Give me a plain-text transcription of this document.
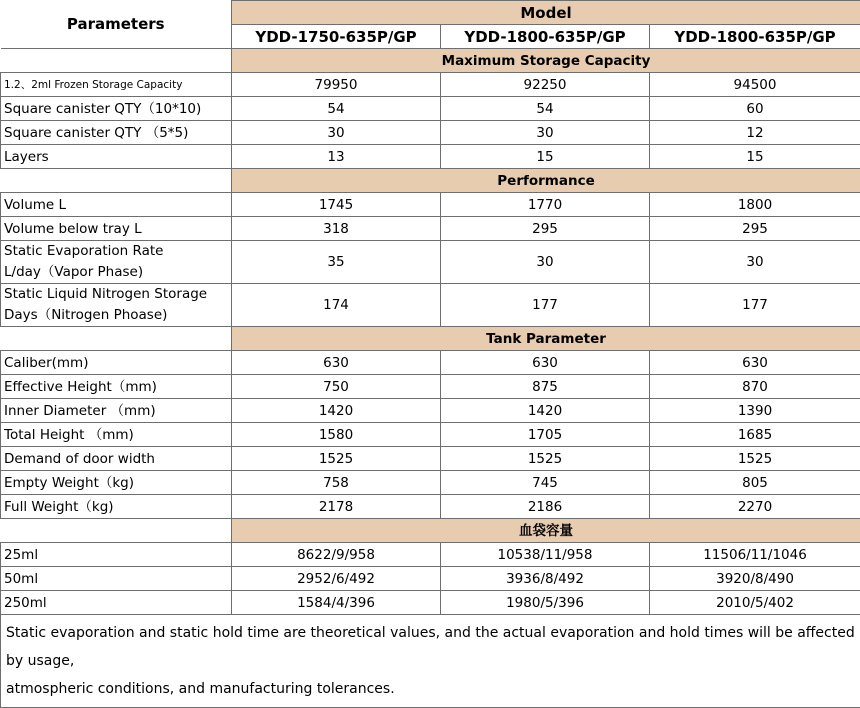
Parameters	Model		
	YDD-1750-635P/GP	YDD-1800-635P/GP	YDD-1800-635P/GP
	Maximum Storage Capacity		
1.2、2ml Frozen Storage Capacity	79950	92250	94500
Square canister QTY（10*10)	54	54	60
Square canister QTY （5*5)	30	30	12
Layers	13	15	15
	Performance		
Volume L	1745	1770	1800
Volume below tray L	318	295	295
Static Evaporation Rate
L/day（Vapor Phase)	35	30	30
Static Liquid Nitrogen Storage
Days（Nitrogen Phoase)	174	177	177
	Tank Parameter		
Caliber(mm)	630	630	630
Effective Height（mm)	750	875	870
Inner Diameter （mm)	1420	1420	1390
Total Height （mm)	1580	1705	1685
Demand of door width	1525	1525	1525
Empty Weight（kg)	758	745	805
Full Weight（kg)	2178	2186	2270
	血袋容量		
25ml	8622/9/958	10538/11/958	11506/11/1046
50ml	2952/6/492	3936/8/492	3920/8/490
250ml	1584/4/396	1980/5/396	2010/5/402
Static evaporation and static hold time are theoretical values, and the actual evaporation and hold times will be affected by usage,
atmospheric conditions, and manufacturing tolerances.			
